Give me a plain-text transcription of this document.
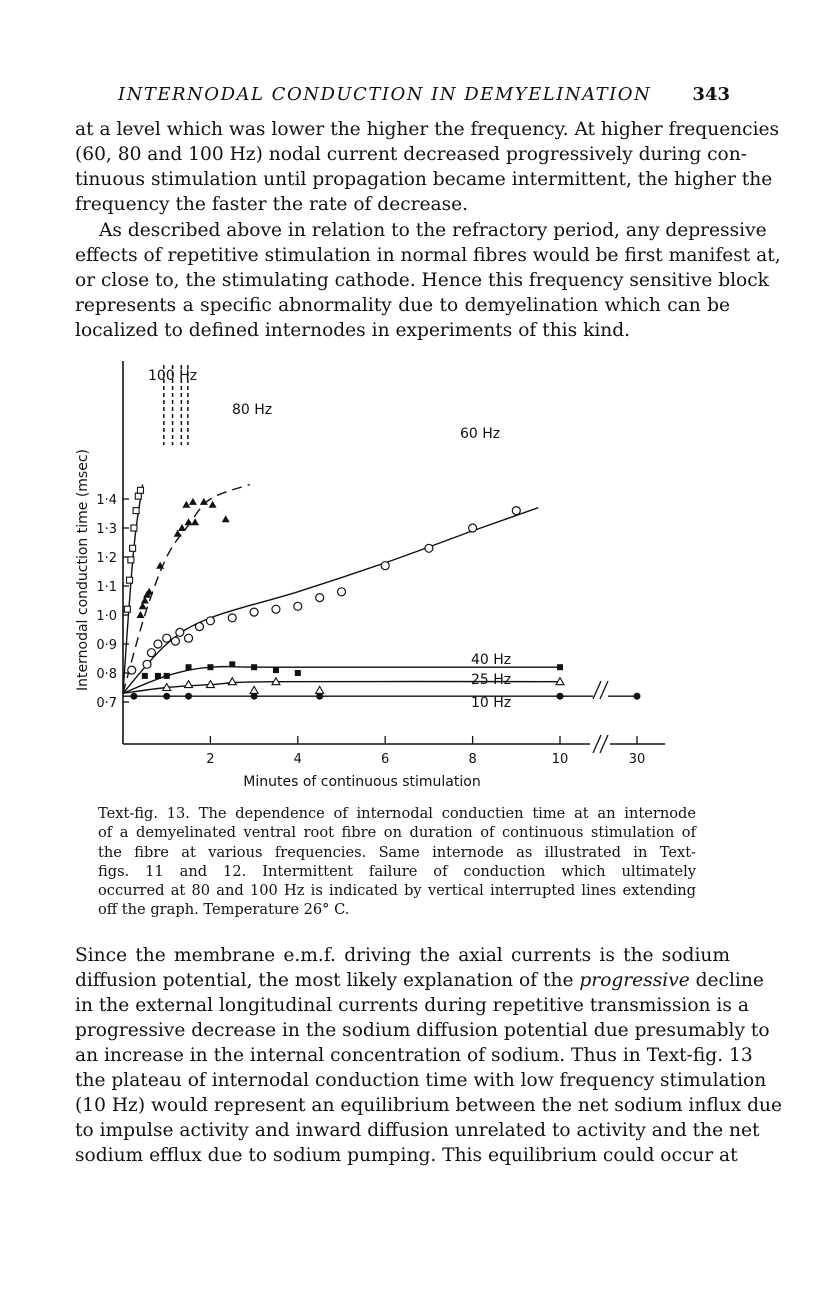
INTERNODAL CONDUCTION IN DEMYELINATION 343
at a level which was lower the higher the frequency. At higher frequencies
(60, 80 and 100 Hz) nodal current decreased progressively during con-
tinuous stimulation until propagation became intermittent, the higher the
frequency the faster the rate of decrease.
As described above in relation to the refractory period, any depressive
effects of repetitive stimulation in normal fibres would be first manifest at,
or close to, the stimulating cathode. Hence this frequency sensitive block
represents a specific abnormality due to demyelination which can be
localized to defined internodes in experiments of this kind.
0·7
0·8
0·9
1·0
1·1
1·2
1·3
1·4
2	4	6	8	10	30
Minutes of continuous stimulation
Internodal conduction time (msec)
100 Hz
80 Hz
60 Hz
40 Hz
25 Hz
10 Hz
Text-fig. 13. The dependence of internodal conductien time at an internode
of a demyelinated ventral root fibre on duration of continuous stimulation of
the fibre at various frequencies. Same internode as illustrated in Text-
figs. 11 and 12. Intermittent failure of conduction which ultimately
occurred at 80 and 100 Hz is indicated by vertical interrupted lines extending
off the graph. Temperature 26° C.
Since the membrane e.m.f. driving the axial currents is the sodium
diffusion potential, the most likely explanation of the progressive decline
in the external longitudinal currents during repetitive transmission is a
progressive decrease in the sodium diffusion potential due presumably to
an increase in the internal concentration of sodium. Thus in Text-fig. 13
the plateau of internodal conduction time with low frequency stimulation
(10 Hz) would represent an equilibrium between the net sodium influx due
to impulse activity and inward diffusion unrelated to activity and the net
sodium efflux due to sodium pumping. This equilibrium could occur at
